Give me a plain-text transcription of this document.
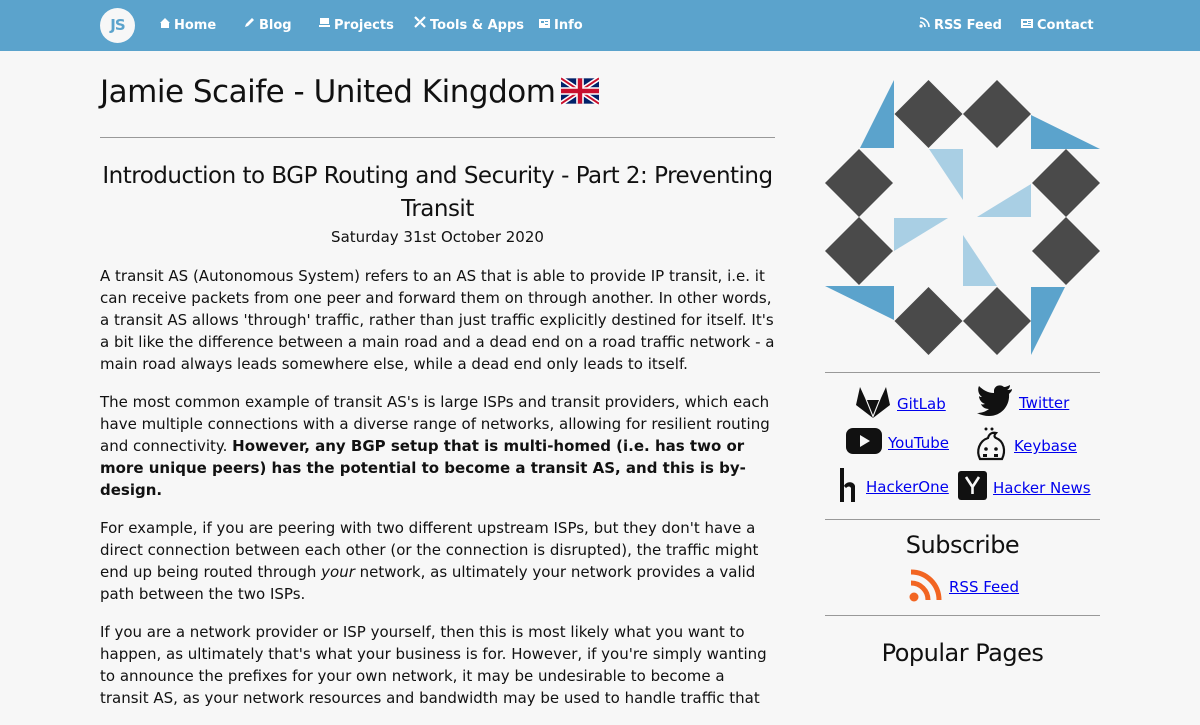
JS	Home	Blog	Projects	Tools & Apps Info	RSS Feed	Contact
Jamie Scaife - United Kingdom
Introduction to BGP Routing and Security - Part 2: Preventing Transit
Saturday 31st October 2020

A transit AS (Autonomous System) refers to an AS that is able to provide IP transit, i.e. it can receive packets from one peer and forward them on through another. In other words, a transit AS allows 'through' traffic, rather than just traffic explicitly destined for itself. It's a bit like the difference between a main road and a dead end on a road traffic network - a main road always leads somewhere else, while a dead end only leads to itself.

The most common example of transit AS's is large ISPs and transit providers, which each have multiple connections with a diverse range of networks, allowing for resilient routing and connectivity. However, any BGP setup that is multi-homed (i.e. has two or more unique peers) has the potential to become a transit AS, and this is by-design.

For example, if you are peering with two different upstream ISPs, but they don't have a direct connection between each other (or the connection is disrupted), the traffic might end up being routed through your network, as ultimately your network provides a valid path between the two ISPs.

If you are a network provider or ISP yourself, then this is most likely what you want to happen, as ultimately that's what your business is for. However, if you're simply wanting to announce the prefixes for your own network, it may be undesirable to become a transit AS, as your network resources and bandwidth may be used to handle traffic that

GitLab	Twitter
YouTube	Keybase
HackerOne	Hacker News
Subscribe
RSS Feed
Popular Pages
